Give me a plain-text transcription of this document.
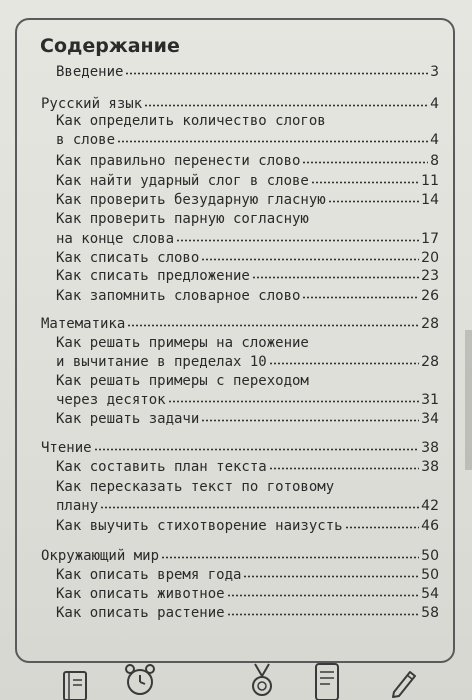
Содержание
Введение	3
Русский язык	4
Как определить количество слогов
в слове	4
Как правильно перенести слово	8
Как найти ударный слог в слове	11
Как проверить безударную гласную	14
Как проверить парную согласную
на конце слова	17
Как списать слово	20
Как списать предложение	23
Как запомнить словарное слово	26
Математика	28
Как решать примеры на сложение
и вычитание в пределах 10	28
Как решать примеры с переходом
через десяток	31
Как решать задачи	34
Чтение	38
Как составить план текста	38
Как пересказать текст по готовому
плану	42
Как выучить стихотворение наизусть	46
Окружающий мир	50
Как описать время года	50
Как описать животное	54
Как описать растение	58
